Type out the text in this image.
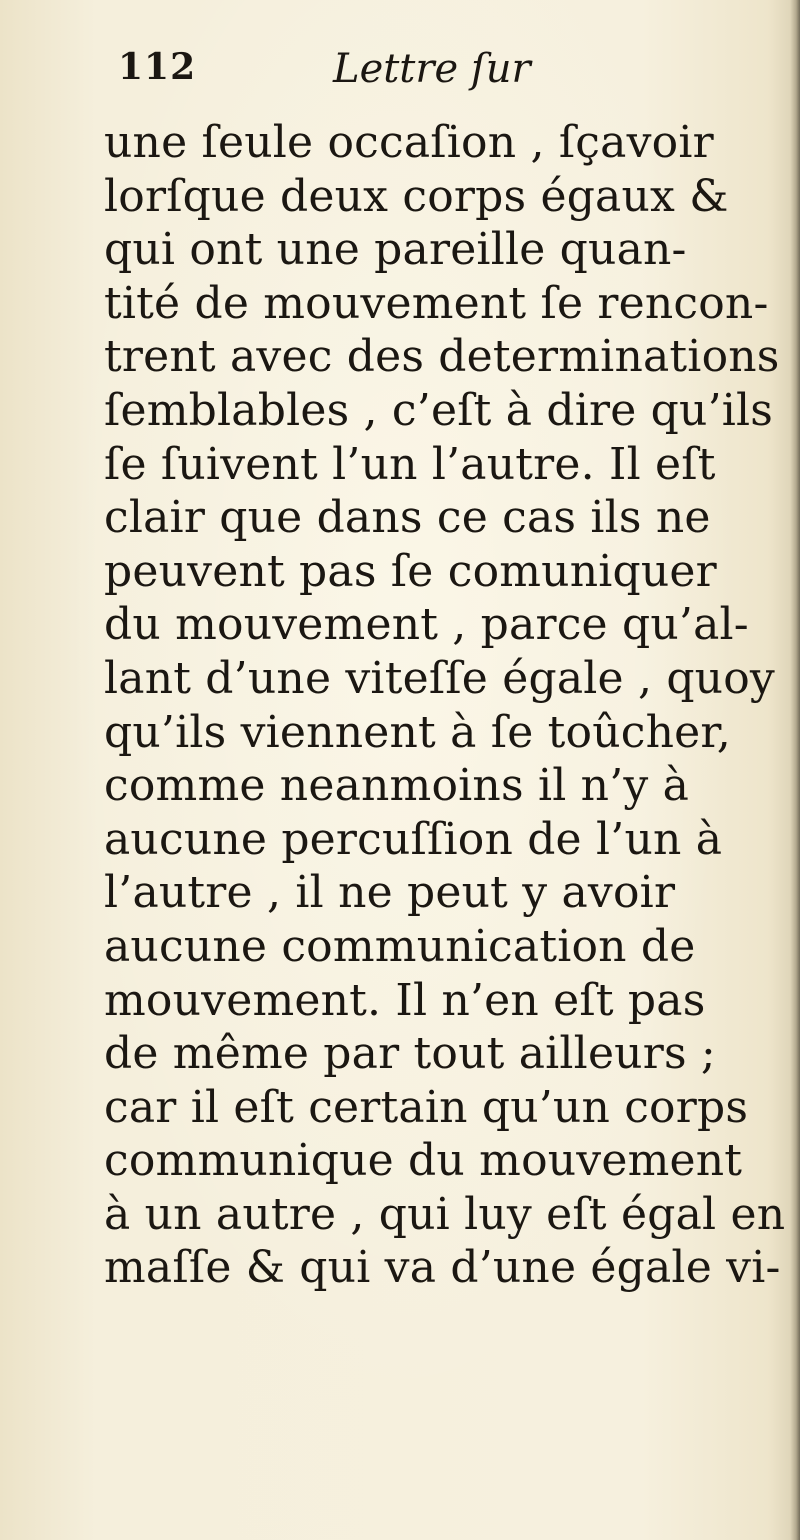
112	Lettre ſur
une ſeule occaſion , ſçavoir
lorſque deux corps égaux &
qui ont une pareille quan-
tité de mouvement ſe rencon-
trent avec des determinations
ſemblables , c’eſt à dire qu’ils
ſe ſuivent l’un l’autre. Il eſt
clair que dans ce cas ils ne
peuvent pas ſe comuniquer
du mouvement , parce qu’al-
lant d’une viteſſe égale , quoy
qu’ils viennent à ſe toûcher,
comme neanmoins il n’y à
aucune percuſſion de l’un à
l’autre , il ne peut y avoir
aucune communication de
mouvement. Il n’en eſt pas
de même par tout ailleurs ;
car il eſt certain qu’un corps
communique du mouvement
à un autre , qui luy eſt égal en
maſſe & qui va d’une égale vi-
